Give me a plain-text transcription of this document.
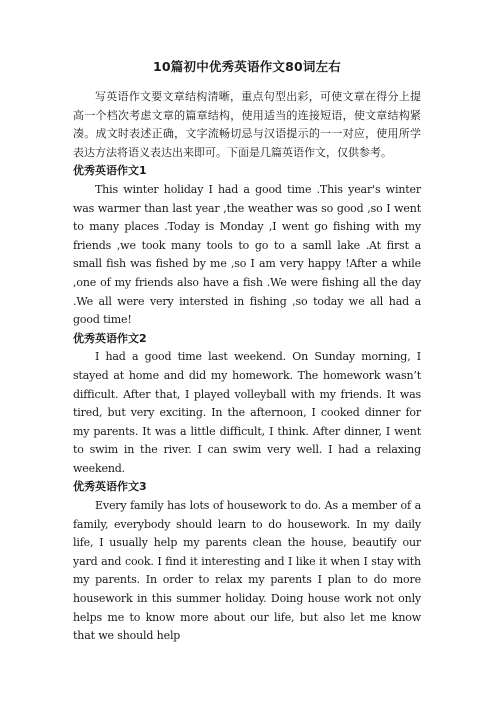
10篇初中优秀英语作文80词左右

写英语作文要文章结构清晰，重点句型出彩，可使文章在得分上提高一个档次考虑文章的篇章结构，使用适当的连接短语，使文章结构紧凑。成文时表述正确，文字流畅切忌与汉语提示的一一对应，使用所学表达方法将语义表达出来即可。下面是几篇英语作文，仅供参考。

优秀英语作文1

This winter holiday I had a good time .This year's winter was warmer than last year ,the weather was so good ,so I went to many places .Today is Monday ,I went go fishing with my friends ,we took many tools to go to a samll lake .At first a small fish was fished by me ,so I am very happy !After a while ,one of my friends also have a fish .We were fishing all the day .We all were very intersted in fishing ,so today we all had a good time!

优秀英语作文2

I had a good time last weekend. On Sunday morning, I stayed at home and did my homework. The homework wasn’t difficult. After that, I played volleyball with my friends. It was tired, but very exciting. In the afternoon, I cooked dinner for my parents. It was a little difficult, I think. After dinner, I went to swim in the river. I can swim very well. I had a relaxing weekend.

优秀英语作文3

Every family has lots of housework to do. As a member of a family, everybody should learn to do housework. In my daily life, I usually help my parents clean the house, beautify our yard and cook. I find it interesting and I like it when I stay with my parents. In order to relax my parents I plan to do more housework in this summer holiday. Doing house work not only helps me to know more about our life, but also let me know that we should help
